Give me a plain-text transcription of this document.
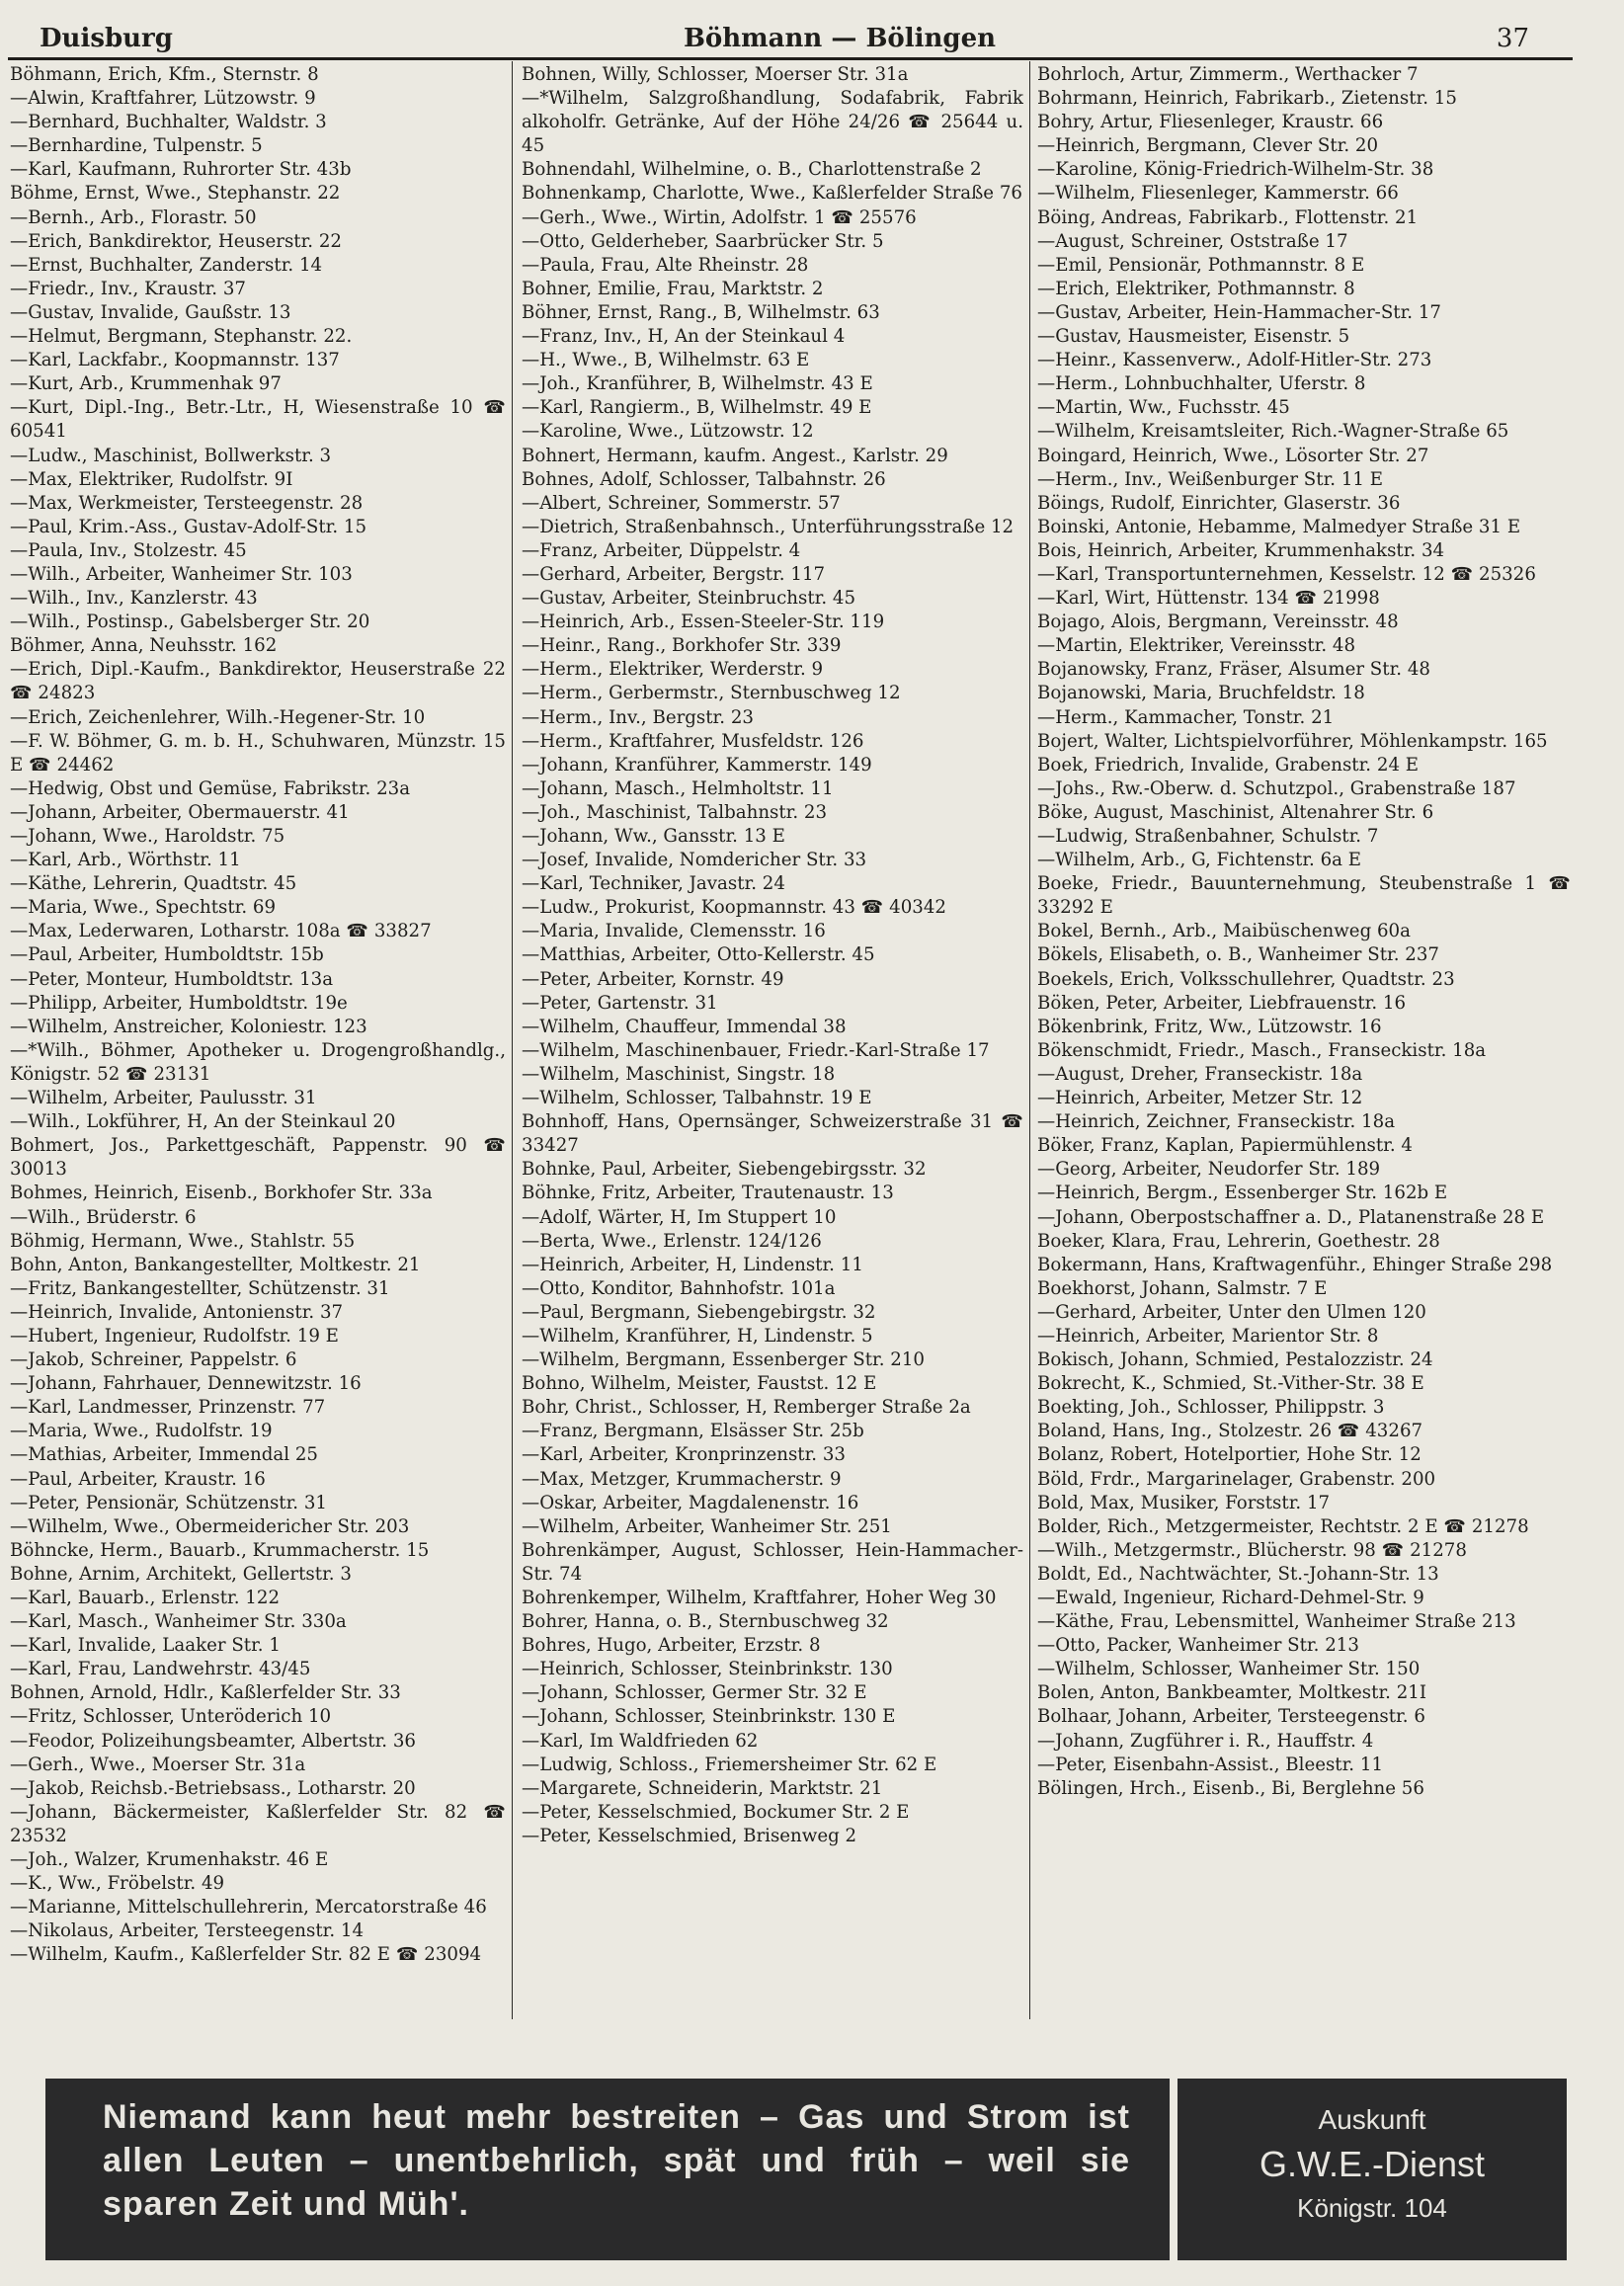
Duisburg	Böhmann — Bölingen	37

Böhmann, Erich, Kfm., Sternstr. 8

—Alwin, Kraftfahrer, Lützowstr. 9

—Bernhard, Buchhalter, Waldstr. 3

—Bernhardine, Tulpenstr. 5

—Karl, Kaufmann, Ruhrorter Str. 43b

Böhme, Ernst, Wwe., Stephanstr. 22

—Bernh., Arb., Florastr. 50

—Erich, Bankdirektor, Heuserstr. 22

—Ernst, Buchhalter, Zanderstr. 14

—Friedr., Inv., Kraustr. 37

—Gustav, Invalide, Gaußstr. 13

—Helmut, Bergmann, Stephanstr. 22.

—Karl, Lackfabr., Koopmannstr. 137

—Kurt, Arb., Krummenhak 97

—Kurt, Dipl.-Ing., Betr.-Ltr., H, Wiesenstraße 10 ☎ 60541

—Ludw., Maschinist, Bollwerkstr. 3

—Max, Elektriker, Rudolfstr. 9I

—Max, Werkmeister, Tersteegenstr. 28

—Paul, Krim.-Ass., Gustav-Adolf-Str. 15

—Paula, Inv., Stolzestr. 45

—Wilh., Arbeiter, Wanheimer Str. 103

—Wilh., Inv., Kanzlerstr. 43

—Wilh., Postinsp., Gabelsberger Str. 20

Böhmer, Anna, Neuhsstr. 162

—Erich, Dipl.-Kaufm., Bankdirektor, Heuserstraße 22 ☎ 24823

—Erich, Zeichenlehrer, Wilh.-Hegener-Str. 10

—F. W. Böhmer, G. m. b. H., Schuhwaren, Münzstr. 15 E ☎ 24462

—Hedwig, Obst und Gemüse, Fabrikstr. 23a

—Johann, Arbeiter, Obermauerstr. 41

—Johann, Wwe., Haroldstr. 75

—Karl, Arb., Wörthstr. 11

—Käthe, Lehrerin, Quadtstr. 45

—Maria, Wwe., Spechtstr. 69

—Max, Lederwaren, Lotharstr. 108a ☎ 33827

—Paul, Arbeiter, Humboldtstr. 15b

—Peter, Monteur, Humboldtstr. 13a

—Philipp, Arbeiter, Humboldtstr. 19e

—Wilhelm, Anstreicher, Koloniestr. 123

—*Wilh., Böhmer, Apotheker u. Drogengroßhandlg., Königstr. 52 ☎ 23131

—Wilhelm, Arbeiter, Paulusstr. 31

—Wilh., Lokführer, H, An der Steinkaul 20

Bohmert, Jos., Parkettgeschäft, Pappenstr. 90 ☎ 30013

Bohmes, Heinrich, Eisenb., Borkhofer Str. 33a

—Wilh., Brüderstr. 6

Böhmig, Hermann, Wwe., Stahlstr. 55

Bohn, Anton, Bankangestellter, Moltkestr. 21

—Fritz, Bankangestellter, Schützenstr. 31

—Heinrich, Invalide, Antonienstr. 37

—Hubert, Ingenieur, Rudolfstr. 19 E

—Jakob, Schreiner, Pappelstr. 6

—Johann, Fahrhauer, Dennewitzstr. 16

—Karl, Landmesser, Prinzenstr. 77

—Maria, Wwe., Rudolfstr. 19

—Mathias, Arbeiter, Immendal 25

—Paul, Arbeiter, Kraustr. 16

—Peter, Pensionär, Schützenstr. 31

—Wilhelm, Wwe., Obermeidericher Str. 203

Böhncke, Herm., Bauarb., Krummacherstr. 15

Bohne, Arnim, Architekt, Gellertstr. 3

—Karl, Bauarb., Erlenstr. 122

—Karl, Masch., Wanheimer Str. 330a

—Karl, Invalide, Laaker Str. 1

—Karl, Frau, Landwehrstr. 43/45

Bohnen, Arnold, Hdlr., Kaßlerfelder Str. 33

—Fritz, Schlosser, Unteröderich 10

—Feodor, Polizeihungsbeamter, Albertstr. 36

—Gerh., Wwe., Moerser Str. 31a

—Jakob, Reichsb.-Betriebsass., Lotharstr. 20

—Johann, Bäckermeister, Kaßlerfelder Str. 82 ☎ 23532

—Joh., Walzer, Krumenhakstr. 46 E

—K., Ww., Fröbelstr. 49

—Marianne, Mittelschullehrerin, Mercatorstraße 46

—Nikolaus, Arbeiter, Tersteegenstr. 14

—Wilhelm, Kaufm., Kaßlerfelder Str. 82 E ☎ 23094

Bohnen, Willy, Schlosser, Moerser Str. 31a

—*Wilhelm, Salzgroßhandlung, Sodafabrik, Fabrik alkoholfr. Getränke, Auf der Höhe 24/26 ☎ 25644 u. 45

Bohnendahl, Wilhelmine, o. B., Charlottenstraße 2

Bohnenkamp, Charlotte, Wwe., Kaßlerfelder Straße 76

—Gerh., Wwe., Wirtin, Adolfstr. 1 ☎ 25576

—Otto, Gelderheber, Saarbrücker Str. 5

—Paula, Frau, Alte Rheinstr. 28

Bohner, Emilie, Frau, Marktstr. 2

Böhner, Ernst, Rang., B, Wilhelmstr. 63

—Franz, Inv., H, An der Steinkaul 4

—H., Wwe., B, Wilhelmstr. 63 E

—Joh., Kranführer, B, Wilhelmstr. 43 E

—Karl, Rangierm., B, Wilhelmstr. 49 E

—Karoline, Wwe., Lützowstr. 12

Bohnert, Hermann, kaufm. Angest., Karlstr. 29

Bohnes, Adolf, Schlosser, Talbahnstr. 26

—Albert, Schreiner, Sommerstr. 57

—Dietrich, Straßenbahnsch., Unterführungsstraße 12

—Franz, Arbeiter, Düppelstr. 4

—Gerhard, Arbeiter, Bergstr. 117

—Gustav, Arbeiter, Steinbruchstr. 45

—Heinrich, Arb., Essen-Steeler-Str. 119

—Heinr., Rang., Borkhofer Str. 339

—Herm., Elektriker, Werderstr. 9

—Herm., Gerbermstr., Sternbuschweg 12

—Herm., Inv., Bergstr. 23

—Herm., Kraftfahrer, Musfeldstr. 126

—Johann, Kranführer, Kammerstr. 149

—Johann, Masch., Helmholtstr. 11

—Joh., Maschinist, Talbahnstr. 23

—Johann, Ww., Gansstr. 13 E

—Josef, Invalide, Nomdericher Str. 33

—Karl, Techniker, Javastr. 24

—Ludw., Prokurist, Koopmannstr. 43 ☎ 40342

—Maria, Invalide, Clemensstr. 16

—Matthias, Arbeiter, Otto-Kellerstr. 45

—Peter, Arbeiter, Kornstr. 49

—Peter, Gartenstr. 31

—Wilhelm, Chauffeur, Immendal 38

—Wilhelm, Maschinenbauer, Friedr.-Karl-Straße 17

—Wilhelm, Maschinist, Singstr. 18

—Wilhelm, Schlosser, Talbahnstr. 19 E

Bohnhoff, Hans, Opernsänger, Schweizerstraße 31 ☎ 33427

Bohnke, Paul, Arbeiter, Siebengebirgsstr. 32

Böhnke, Fritz, Arbeiter, Trautenaustr. 13

—Adolf, Wärter, H, Im Stuppert 10

—Berta, Wwe., Erlenstr. 124/126

—Heinrich, Arbeiter, H, Lindenstr. 11

—Otto, Konditor, Bahnhofstr. 101a

—Paul, Bergmann, Siebengebirgstr. 32

—Wilhelm, Kranführer, H, Lindenstr. 5

—Wilhelm, Bergmann, Essenberger Str. 210

Bohno, Wilhelm, Meister, Faustst. 12 E

Bohr, Christ., Schlosser, H, Remberger Straße 2a

—Franz, Bergmann, Elsässer Str. 25b

—Karl, Arbeiter, Kronprinzenstr. 33

—Max, Metzger, Krummacherstr. 9

—Oskar, Arbeiter, Magdalenenstr. 16

—Wilhelm, Arbeiter, Wanheimer Str. 251

Bohrenkämper, August, Schlosser, Hein-Hammacher-Str. 74

Bohrenkemper, Wilhelm, Kraftfahrer, Hoher Weg 30

Bohrer, Hanna, o. B., Sternbuschweg 32

Bohres, Hugo, Arbeiter, Erzstr. 8

—Heinrich, Schlosser, Steinbrinkstr. 130

—Johann, Schlosser, Germer Str. 32 E

—Johann, Schlosser, Steinbrinkstr. 130 E

—Karl, Im Waldfrieden 62

—Ludwig, Schloss., Friemersheimer Str. 62 E

—Margarete, Schneiderin, Marktstr. 21

—Peter, Kesselschmied, Bockumer Str. 2 E

—Peter, Kesselschmied, Brisenweg 2

Bohrloch, Artur, Zimmerm., Werthacker 7

Bohrmann, Heinrich, Fabrikarb., Zietenstr. 15

Bohry, Artur, Fliesenleger, Kraustr. 66

—Heinrich, Bergmann, Clever Str. 20

—Karoline, König-Friedrich-Wilhelm-Str. 38

—Wilhelm, Fliesenleger, Kammerstr. 66

Böing, Andreas, Fabrikarb., Flottenstr. 21

—August, Schreiner, Oststraße 17

—Emil, Pensionär, Pothmannstr. 8 E

—Erich, Elektriker, Pothmannstr. 8

—Gustav, Arbeiter, Hein-Hammacher-Str. 17

—Gustav, Hausmeister, Eisenstr. 5

—Heinr., Kassenverw., Adolf-Hitler-Str. 273

—Herm., Lohnbuchhalter, Uferstr. 8

—Martin, Ww., Fuchsstr. 45

—Wilhelm, Kreisamtsleiter, Rich.-Wagner-Straße 65

Boingard, Heinrich, Wwe., Lösorter Str. 27

—Herm., Inv., Weißenburger Str. 11 E

Böings, Rudolf, Einrichter, Glaserstr. 36

Boinski, Antonie, Hebamme, Malmedyer Straße 31 E

Bois, Heinrich, Arbeiter, Krummenhakstr. 34

—Karl, Transportunternehmen, Kesselstr. 12 ☎ 25326

—Karl, Wirt, Hüttenstr. 134 ☎ 21998

Bojago, Alois, Bergmann, Vereinsstr. 48

—Martin, Elektriker, Vereinsstr. 48

Bojanowsky, Franz, Fräser, Alsumer Str. 48

Bojanowski, Maria, Bruchfeldstr. 18

—Herm., Kammacher, Tonstr. 21

Bojert, Walter, Lichtspielvorführer, Möhlenkampstr. 165

Boek, Friedrich, Invalide, Grabenstr. 24 E

—Johs., Rw.-Oberw. d. Schutzpol., Grabenstraße 187

Böke, August, Maschinist, Altenahrer Str. 6

—Ludwig, Straßenbahner, Schulstr. 7

—Wilhelm, Arb., G, Fichtenstr. 6a E

Boeke, Friedr., Bauunternehmung, Steubenstraße 1 ☎ 33292 E

Bokel, Bernh., Arb., Maibüschenweg 60a

Bökels, Elisabeth, o. B., Wanheimer Str. 237

Boekels, Erich, Volksschullehrer, Quadtstr. 23

Böken, Peter, Arbeiter, Liebfrauenstr. 16

Bökenbrink, Fritz, Ww., Lützowstr. 16

Bökenschmidt, Friedr., Masch., Franseckistr. 18a

—August, Dreher, Franseckistr. 18a

—Heinrich, Arbeiter, Metzer Str. 12

—Heinrich, Zeichner, Franseckistr. 18a

Böker, Franz, Kaplan, Papiermühlenstr. 4

—Georg, Arbeiter, Neudorfer Str. 189

—Heinrich, Bergm., Essenberger Str. 162b E

—Johann, Oberpostschaffner a. D., Platanenstraße 28 E

Boeker, Klara, Frau, Lehrerin, Goethestr. 28

Bokermann, Hans, Kraftwagenführ., Ehinger Straße 298

Boekhorst, Johann, Salmstr. 7 E

—Gerhard, Arbeiter, Unter den Ulmen 120

—Heinrich, Arbeiter, Marientor Str. 8

Bokisch, Johann, Schmied, Pestalozzistr. 24

Bokrecht, K., Schmied, St.-Vither-Str. 38 E

Boekting, Joh., Schlosser, Philippstr. 3

Boland, Hans, Ing., Stolzestr. 26 ☎ 43267

Bolanz, Robert, Hotelportier, Hohe Str. 12

Böld, Frdr., Margarinelager, Grabenstr. 200

Bold, Max, Musiker, Forststr. 17

Bolder, Rich., Metzgermeister, Rechtstr. 2 E ☎ 21278

—Wilh., Metzgermstr., Blücherstr. 98 ☎ 21278

Boldt, Ed., Nachtwächter, St.-Johann-Str. 13

—Ewald, Ingenieur, Richard-Dehmel-Str. 9

—Käthe, Frau, Lebensmittel, Wanheimer Straße 213

—Otto, Packer, Wanheimer Str. 213

—Wilhelm, Schlosser, Wanheimer Str. 150

Bolen, Anton, Bankbeamter, Moltkestr. 21I

Bolhaar, Johann, Arbeiter, Tersteegenstr. 6

—Johann, Zugführer i. R., Hauffstr. 4

—Peter, Eisenbahn-Assist., Bleestr. 11

Bölingen, Hrch., Eisenb., Bi, Berglehne 56

Niemand kann heut mehr bestreiten – Gas und Strom ist
allen Leuten – unentbehrlich, spät und früh – weil sie
sparen Zeit und Müh'.
Auskunft
G.W.E.-Dienst
Königstr. 104
